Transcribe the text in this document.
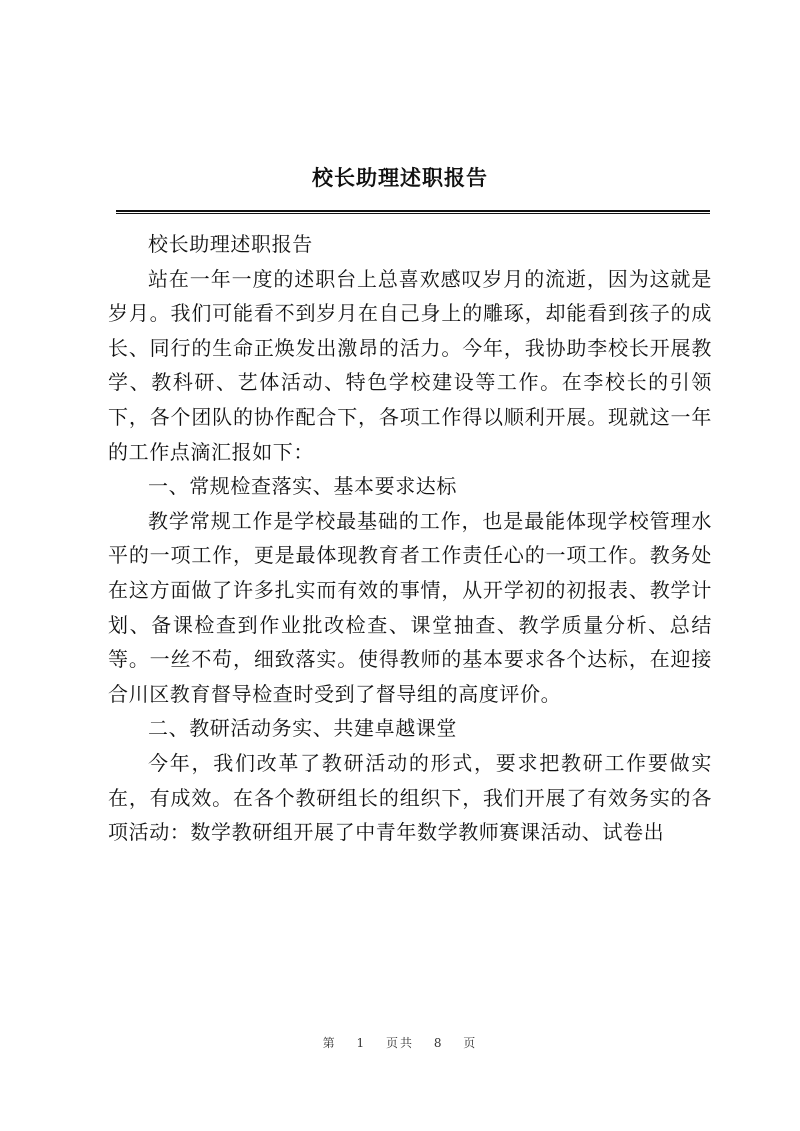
校长助理述职报告

校长助理述职报告

站在一年一度的述职台上总喜欢感叹岁月的流逝，因为这就是岁月。我们可能看不到岁月在自己身上的雕琢，却能看到孩子的成长、同行的生命正焕发出激昂的活力。今年，我协助李校长开展教学、教科研、艺体活动、特色学校建设等工作。在李校长的引领下，各个团队的协作配合下，各项工作得以顺利开展。现就这一年的工作点滴汇报如下：

一、常规检查落实、基本要求达标

教学常规工作是学校最基础的工作，也是最能体现学校管理水平的一项工作，更是最体现教育者工作责任心的一项工作。教务处在这方面做了许多扎实而有效的事情，从开学初的初报表、教学计划、备课检查到作业批改检查、课堂抽查、教学质量分析、总结等。一丝不苟，细致落实。使得教师的基本要求各个达标，在迎接合川区教育督导检查时受到了督导组的高度评价。

二、教研活动务实、共建卓越课堂

今年，我们改革了教研活动的形式，要求把教研工作要做实在，有成效。在各个教研组长的组织下，我们开展了有效务实的各项活动：数学教研组开展了中青年数学教师赛课活动、试卷出

第 1 页共 8 页
